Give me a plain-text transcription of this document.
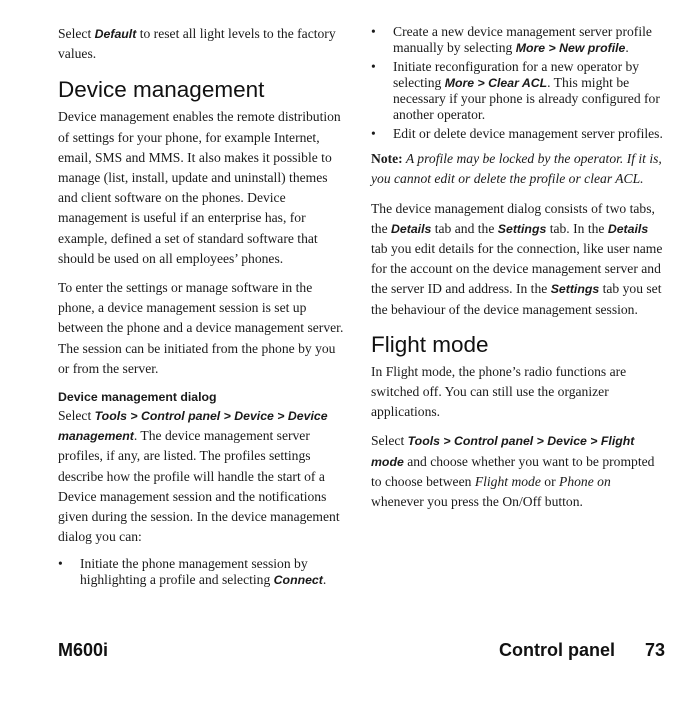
Select Default to reset all light levels to the factory values.

Device management

Device management enables the remote distribution of settings for your phone, for example Internet, email, SMS and MMS. It also makes it possible to manage (list, install, update and uninstall) themes and client software on the phones. Device management is useful if an enterprise has, for example, defined a set of standard software that should be used on all employees’ phones.

To enter the settings or manage software in the phone, a device management session is set up between the phone and a device management server. The session can be initiated from the phone by you or from the server.

Device management dialog

Select Tools > Control panel > Device > Device management. The device management server profiles, if any, are listed. The profiles settings describe how the profile will handle the start of a Device management session and the notifications given during the session. In the device management dialog you can:

• Initiate the phone management session by highlighting a profile and selecting Connect.
• Create a new device management server profile manually by selecting More > New profile.
• Initiate reconfiguration for a new operator by selecting More > Clear ACL. This might be necessary if your phone is already configured for another operator.
• Edit or delete device management server profiles.

Note: A profile may be locked by the operator. If it is, you cannot edit or delete the profile or clear ACL.

The device management dialog consists of two tabs, the Details tab and the Settings tab. In the Details tab you edit details for the connection, like user name for the account on the device management server and the server ID and address. In the Settings tab you set the behaviour of the device management session.

Flight mode

In Flight mode, the phone’s radio functions are switched off. You can still use the organizer applications.

Select Tools > Control panel > Device > Flight mode and choose whether you want to be prompted to choose between Flight mode or Phone on whenever you press the On/Off button.

M600i	Control panel 73
